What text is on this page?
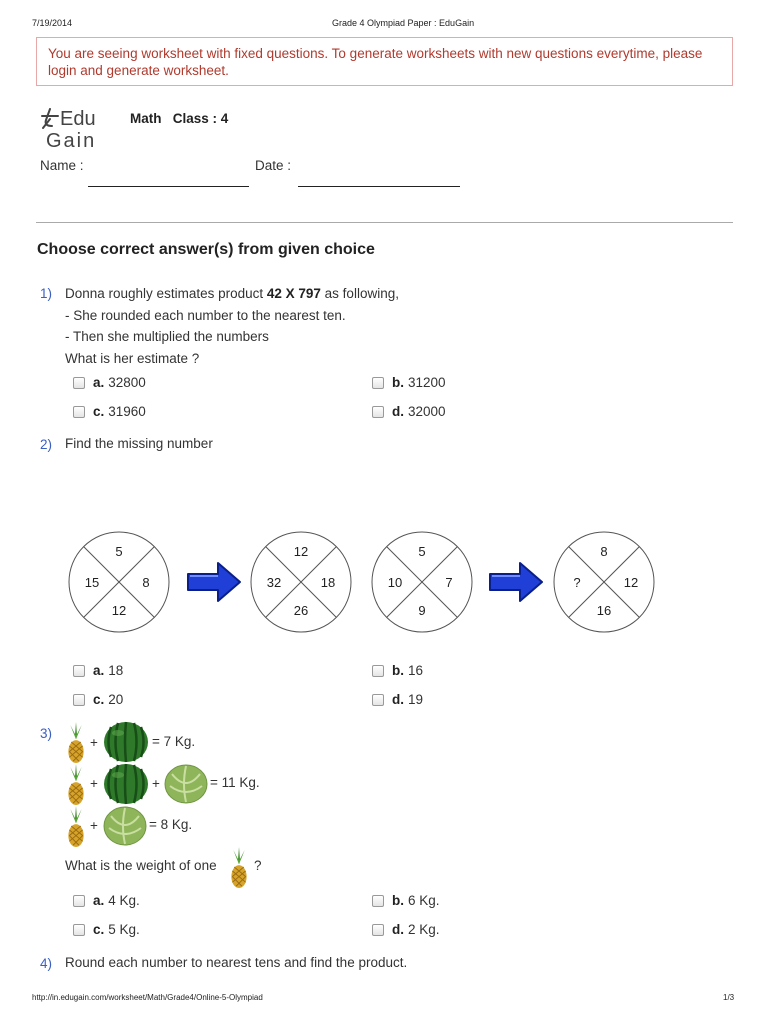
7/19/2014	Grade 4 Olympiad Paper : EduGain
You are seeing worksheet with fixed questions. To generate worksheets with new questions everytime, please login and generate worksheet.
Edu
Gain
Math Class : 4
Name :	Date :
Choose correct answer(s) from given choice
1) Donna roughly estimates product 42 X 797 as following,
- She rounded each number to the nearest ten.
- Then she multiplied the numbers
What is her estimate ?
a. 32800	b. 31200
c. 31960	d. 32000
2) Find the missing number
5
15	8
12
12
32	18
26
5
10	7
9
8
?	12
16
a. 18	b. 16
c. 20	d. 19
3)
+	= 7 Kg.
+	+	= 11 Kg.
+	= 8 Kg.
What is the weight of one	?
a. 4 Kg.	b. 6 Kg.
c. 5 Kg.	d. 2 Kg.
4) Round each number to nearest tens and find the product.
http://in.edugain.com/worksheet/Math/Grade4/Online-5-Olympiad	1/3
